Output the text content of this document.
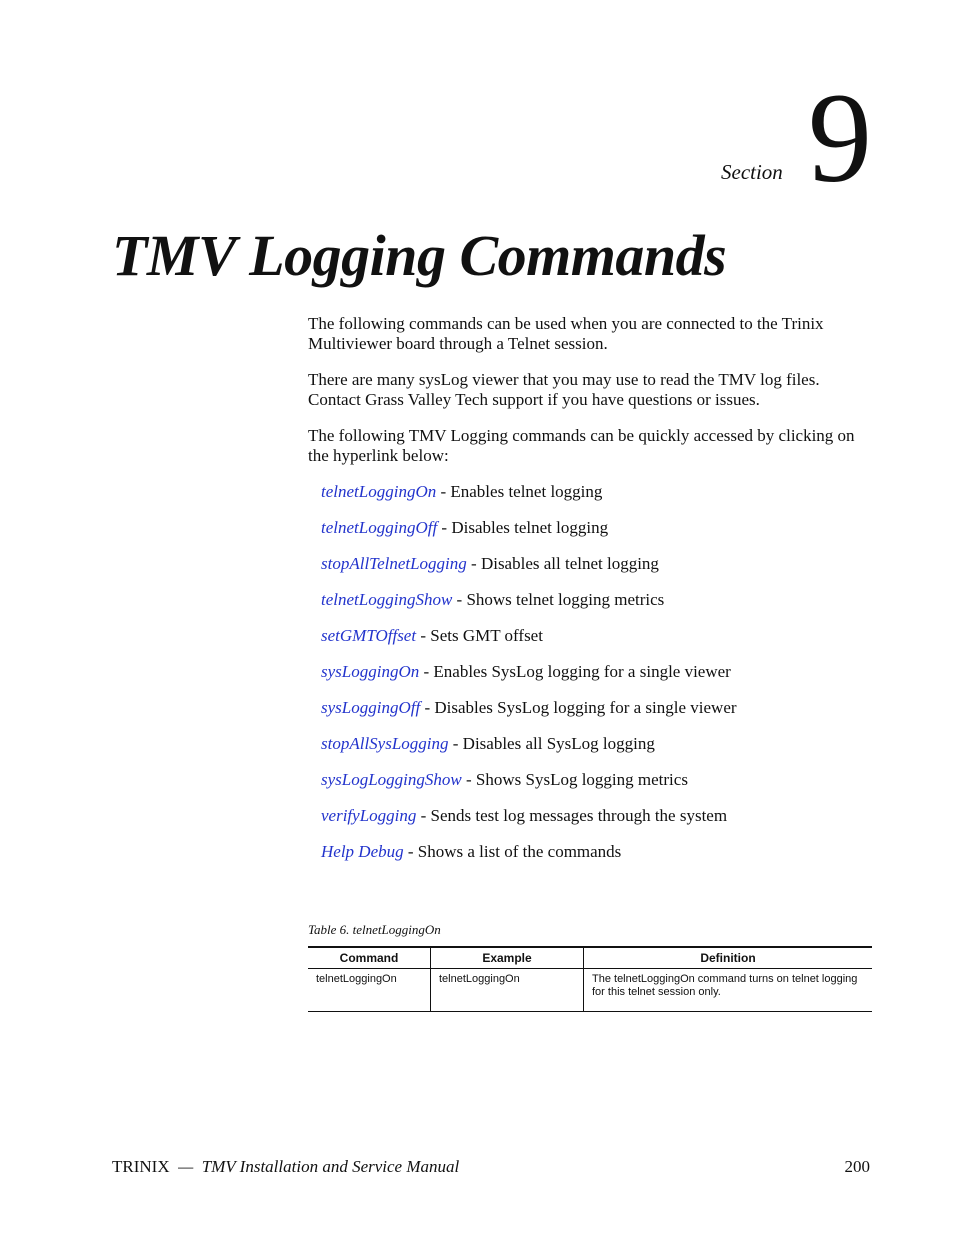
Section 9
TMV Logging Commands

The following commands can be used when you are connected to the Trinix Multiviewer board through a Telnet session.

There are many sysLog viewer that you may use to read the TMV log files. Contact Grass Valley Tech support if you have questions or issues.

The following TMV Logging commands can be quickly accessed by clicking on the hyperlink below:

telnetLoggingOn - Enables telnet logging
telnetLoggingOff - Disables telnet logging
stopAllTelnetLogging - Disables all telnet logging
telnetLoggingShow - Shows telnet logging metrics
setGMTOffset - Sets GMT offset
sysLoggingOn - Enables SysLog logging for a single viewer
sysLoggingOff - Disables SysLog logging for a single viewer
stopAllSysLogging - Disables all SysLog logging
sysLogLoggingShow - Shows SysLog logging metrics
verifyLogging - Sends test log messages through the system
Help Debug - Shows a list of the commands
Table 6. telnetLoggingOn
Command	Example	Definition
telnetLoggingOn	telnetLoggingOn	The telnetLoggingOn command turns on telnet logging for this telnet session only.
TRINIX  —  TMV Installation and Service Manual	200
